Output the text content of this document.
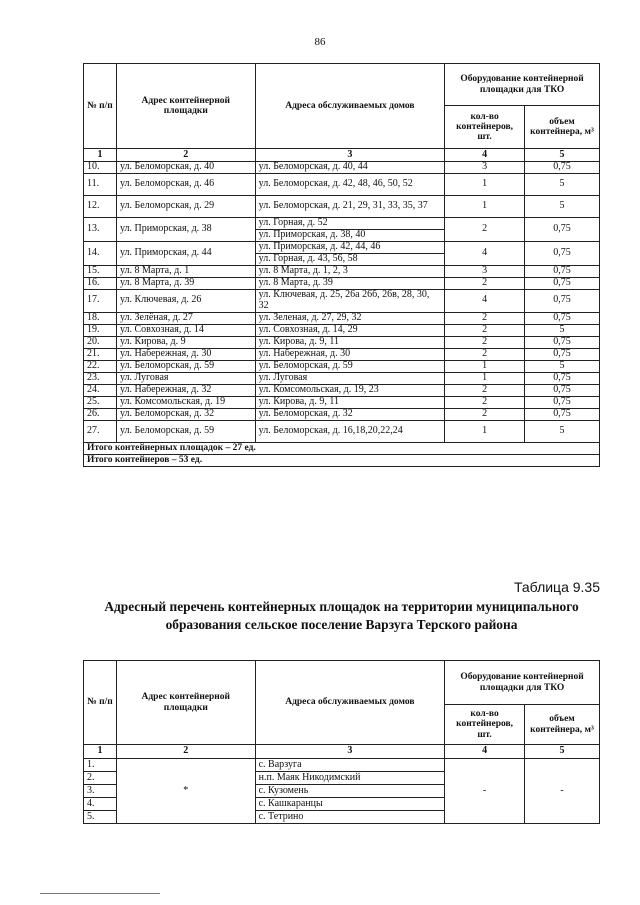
86
№ п/п	Адрес контейнерной площадки	Адреса обслуживаемых домов	Оборудование контейнерной площадки для ТКО	
			кол-во контейнеров, шт.	объем контейнера, м³
1	2	3	4	5
10.	ул. Беломорская, д. 40	ул. Беломорская, д. 40, 44	3	0,75
11.	ул. Беломорская, д. 46	ул. Беломорская, д. 42, 48, 46, 50, 52	1	5
12.	ул. Беломорская, д. 29	ул. Беломорская, д. 21, 29, 31, 33, 35, 37	1	5
13.	ул. Приморская, д. 38	ул. Горная, д. 52	2	0,75
		ул. Приморская, д. 38, 40		
14.	ул. Приморская, д. 44	ул. Приморская, д. 42, 44, 46	4	0,75
		ул. Горная, д. 43, 56, 58		
15.	ул. 8 Марта, д. 1	ул. 8 Марта, д. 1, 2, 3	3	0,75
16.	ул. 8 Марта, д. 39	ул. 8 Марта, д. 39	2	0,75
17.	ул. Ключевая, д. 26	ул. Ключевая, д. 25, 26а 26б, 26в, 28, 30, 32	4	0,75
18.	ул. Зелёная, д. 27	ул. Зеленая, д. 27, 29, 32	2	0,75
19.	ул. Совхозная, д. 14	ул. Совхозная, д. 14, 29	2	5
20.	ул. Кирова, д. 9	ул. Кирова, д. 9, 11	2	0,75
21.	ул. Набережная, д. 30	ул. Набережная, д. 30	2	0,75
22.	ул. Беломорская, д. 59	ул. Беломорская, д. 59	1	5
23.	ул. Луговая	ул. Луговая	1	0,75
24.	ул. Набережная, д. 32	ул. Комсомольская, д. 19, 23	2	0,75
25.	ул. Комсомольская, д. 19	ул. Кирова, д. 9, 11	2	0,75
26.	ул. Беломорская, д. 32	ул. Беломорская, д. 32	2	0,75
27.	ул. Беломорская, д. 59	ул. Беломорская, д. 16,18,20,22,24	1	5
Итого контейнерных площадок – 27 ед.				
Итого контейнеров – 53 ед.				
Таблица 9.35
Адресный перечень контейнерных площадок на территории муниципального образования сельское поселение Варзуга Терского района
№ п/п	Адрес контейнерной площадки	Адреса обслуживаемых домов	Оборудование контейнерной площадки для ТКО	
			кол-во контейнеров, шт.	объем контейнера, м³
1	2	3	4	5
1.	*	с. Варзуга	-	-
2.		н.п. Маяк Никодимский		
3.		с. Кузомень		
4.		с. Кашкаранцы		
5.		с. Тетрино		
